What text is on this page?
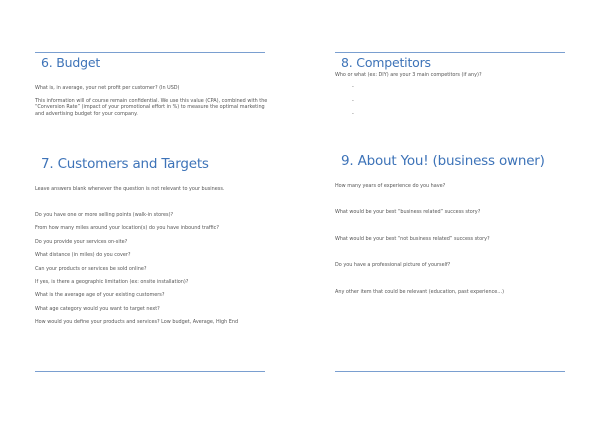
6. Budget
What is, in average, your net profit per customer? (In USD)
This information will of course remain confidential. We use this value (CPA), combined with the “Conversion Rate” (impact of your promotional effort in %) to measure the optimal marketing and advertising budget for your company.
8. Competitors
Who or what (ex: DIY) are your 3 main competitors (if any)?
-
-
-
7. Customers and Targets
Leave answers blank whenever the question is not relevant to your business.
Do you have one or more selling points (walk-in stores)?
From how many miles around your location(s) do you have inbound traffic?
Do you provide your services on-site?
What distance (in miles) do you cover?
Can your products or services be sold online?
If yes, is there a geographic limitation (ex: onsite installation)?
What is the average age of your existing customers?
What age category would you want to target next?
How would you define your products and services? Low budget, Average, High End
9. About You! (business owner)
How many years of experience do you have?
What would be your best “business related” success story?
What would be your best “not business related” success story?
Do you have a professional picture of yourself?
Any other item that could be relevant (education, past experience…)
